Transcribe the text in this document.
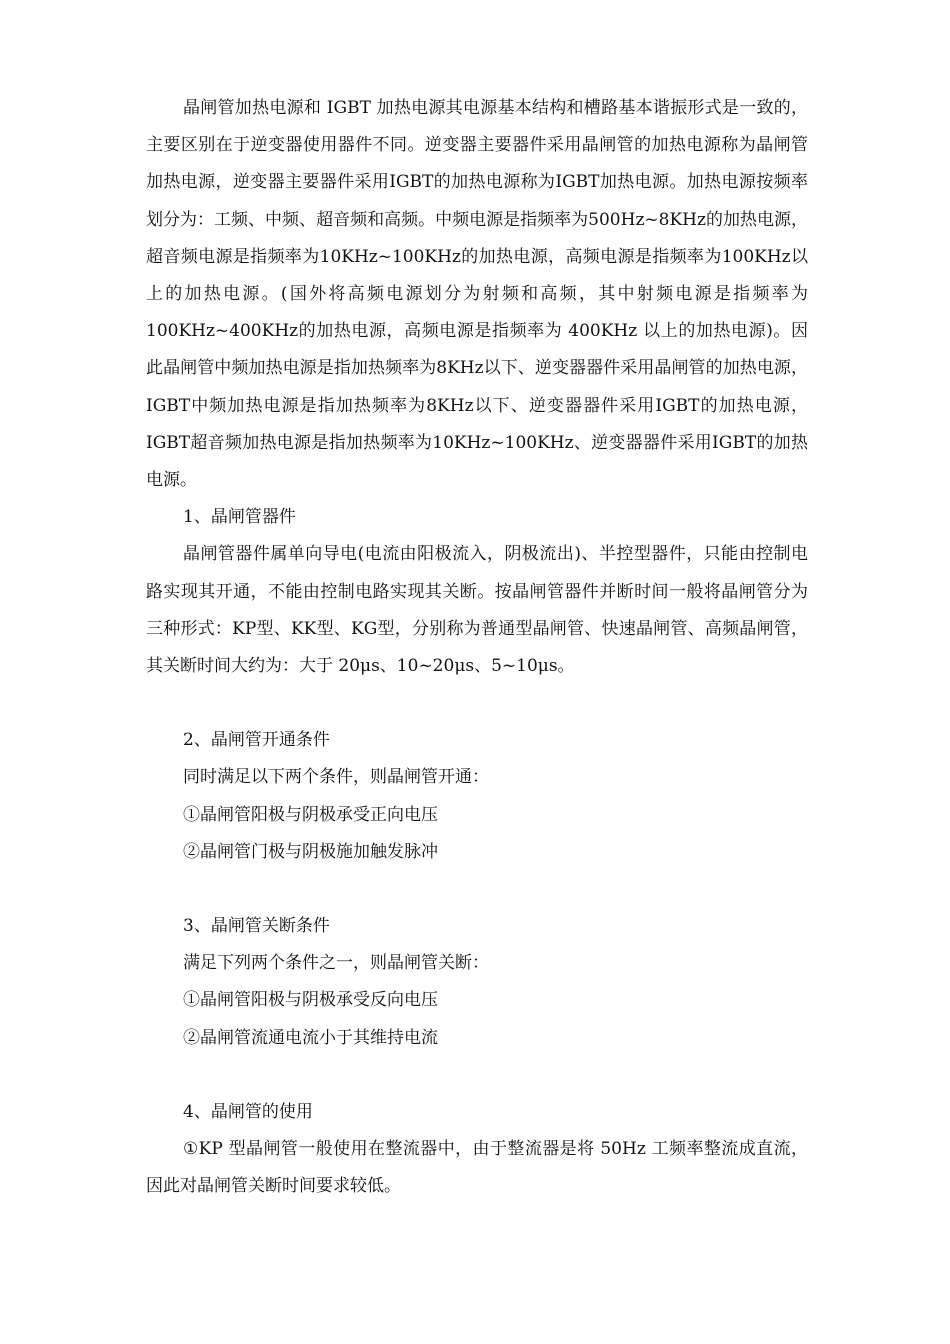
晶闸管加热电源和 IGBT 加热电源其电源基本结构和槽路基本谐振形式是一致的，主要区别在于逆变器使用器件不同。逆变器主要器件采用晶闸管的加热电源称为晶闸管加热电源，逆变器主要器件采用IGBT的加热电源称为IGBT加热电源。加热电源按频率划分为：工频、中频、超音频和高频。中频电源是指频率为500Hz~8KHz的加热电源，超音频电源是指频率为10KHz~100KHz的加热电源，高频电源是指频率为100KHz以上的加热电源。(国外将高频电源划分为射频和高频，其中射频电源是指频率为100KHz~400KHz的加热电源，高频电源是指频率为 400KHz 以上的加热电源)。因此晶闸管中频加热电源是指加热频率为8KHz以下、逆变器器件采用晶闸管的加热电源，IGBT中频加热电源是指加热频率为8KHz以下、逆变器器件采用IGBT的加热电源，IGBT超音频加热电源是指加热频率为10KHz~100KHz、逆变器器件采用IGBT的加热电源。

1、晶闸管器件

晶闸管器件属单向导电(电流由阳极流入，阴极流出)、半控型器件，只能由控制电路实现其开通，不能由控制电路实现其关断。按晶闸管器件并断时间一般将晶闸管分为三种形式：KP型、KK型、KG型，分别称为普通型晶闸管、快速晶闸管、高频晶闸管，其关断时间大约为：大于 20μs、10~20μs、5~10μs。

2、晶闸管开通条件

同时满足以下两个条件，则晶闸管开通：

①晶闸管阳极与阴极承受正向电压

②晶闸管门极与阴极施加触发脉冲

3、晶闸管关断条件

满足下列两个条件之一，则晶闸管关断：

①晶闸管阳极与阴极承受反向电压

②晶闸管流通电流小于其维持电流

4、晶闸管的使用

①KP 型晶闸管一般使用在整流器中，由于整流器是将 50Hz 工频率整流成直流，因此对晶闸管关断时间要求较低。
